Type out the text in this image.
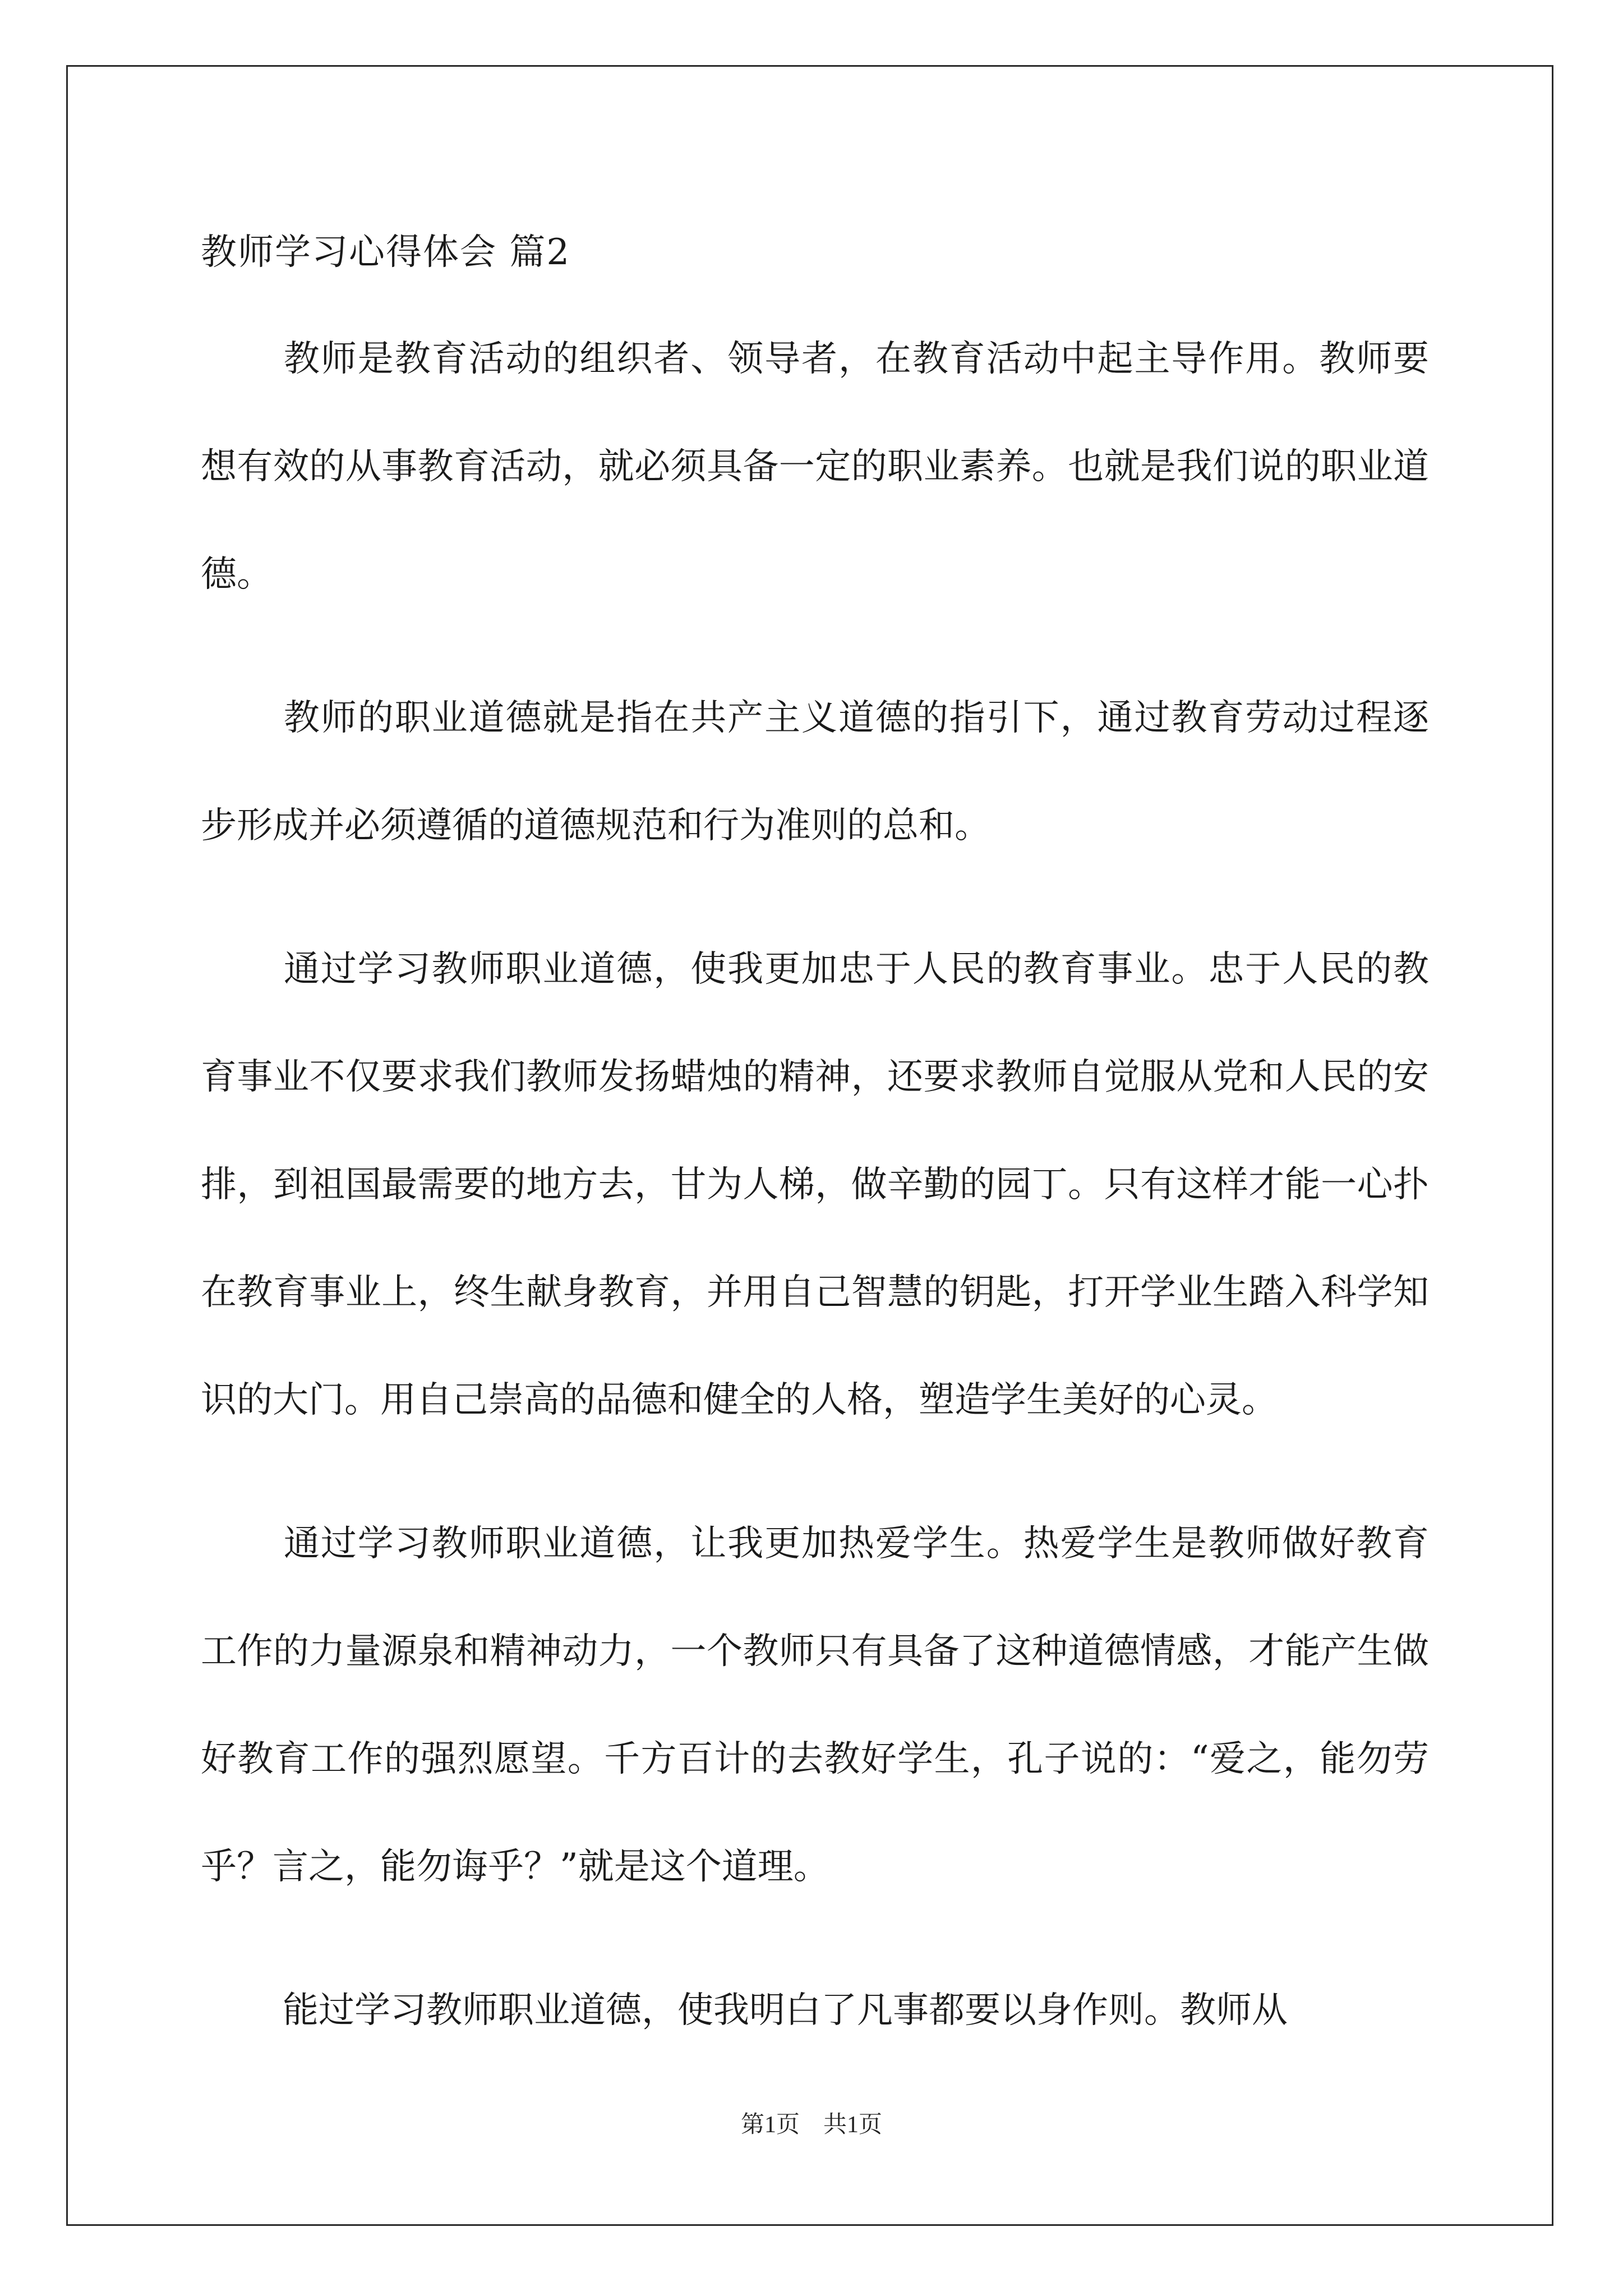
教师学习心得体会 篇2

教师是教育活动的组织者、领导者，在教育活动中起主导作用。教师要想有效的从事教育活动，就必须具备一定的职业素养。也就是我们说的职业道德。

教师的职业道德就是指在共产主义道德的指引下，通过教育劳动过程逐步形成并必须遵循的道德规范和行为准则的总和。

通过学习教师职业道德，使我更加忠于人民的教育事业。忠于人民的教育事业不仅要求我们教师发扬蜡烛的精神，还要求教师自觉服从党和人民的安排，到祖国最需要的地方去，甘为人梯，做辛勤的园丁。只有这样才能一心扑在教育事业上，终生献身教育，并用自己智慧的钥匙，打开学业生踏入科学知识的大门。用自己崇高的品德和健全的人格，塑造学生美好的心灵。

通过学习教师职业道德，让我更加热爱学生。热爱学生是教师做好教育工作的力量源泉和精神动力，一个教师只有具备了这种道德情感，才能产生做好教育工作的强烈愿望。千方百计的去教好学生，孔子说的：“爱之，能勿劳乎？言之，能勿诲乎？”就是这个道理。

能过学习教师职业道德，使我明白了凡事都要以身作则。教师从

第1页　共1页
